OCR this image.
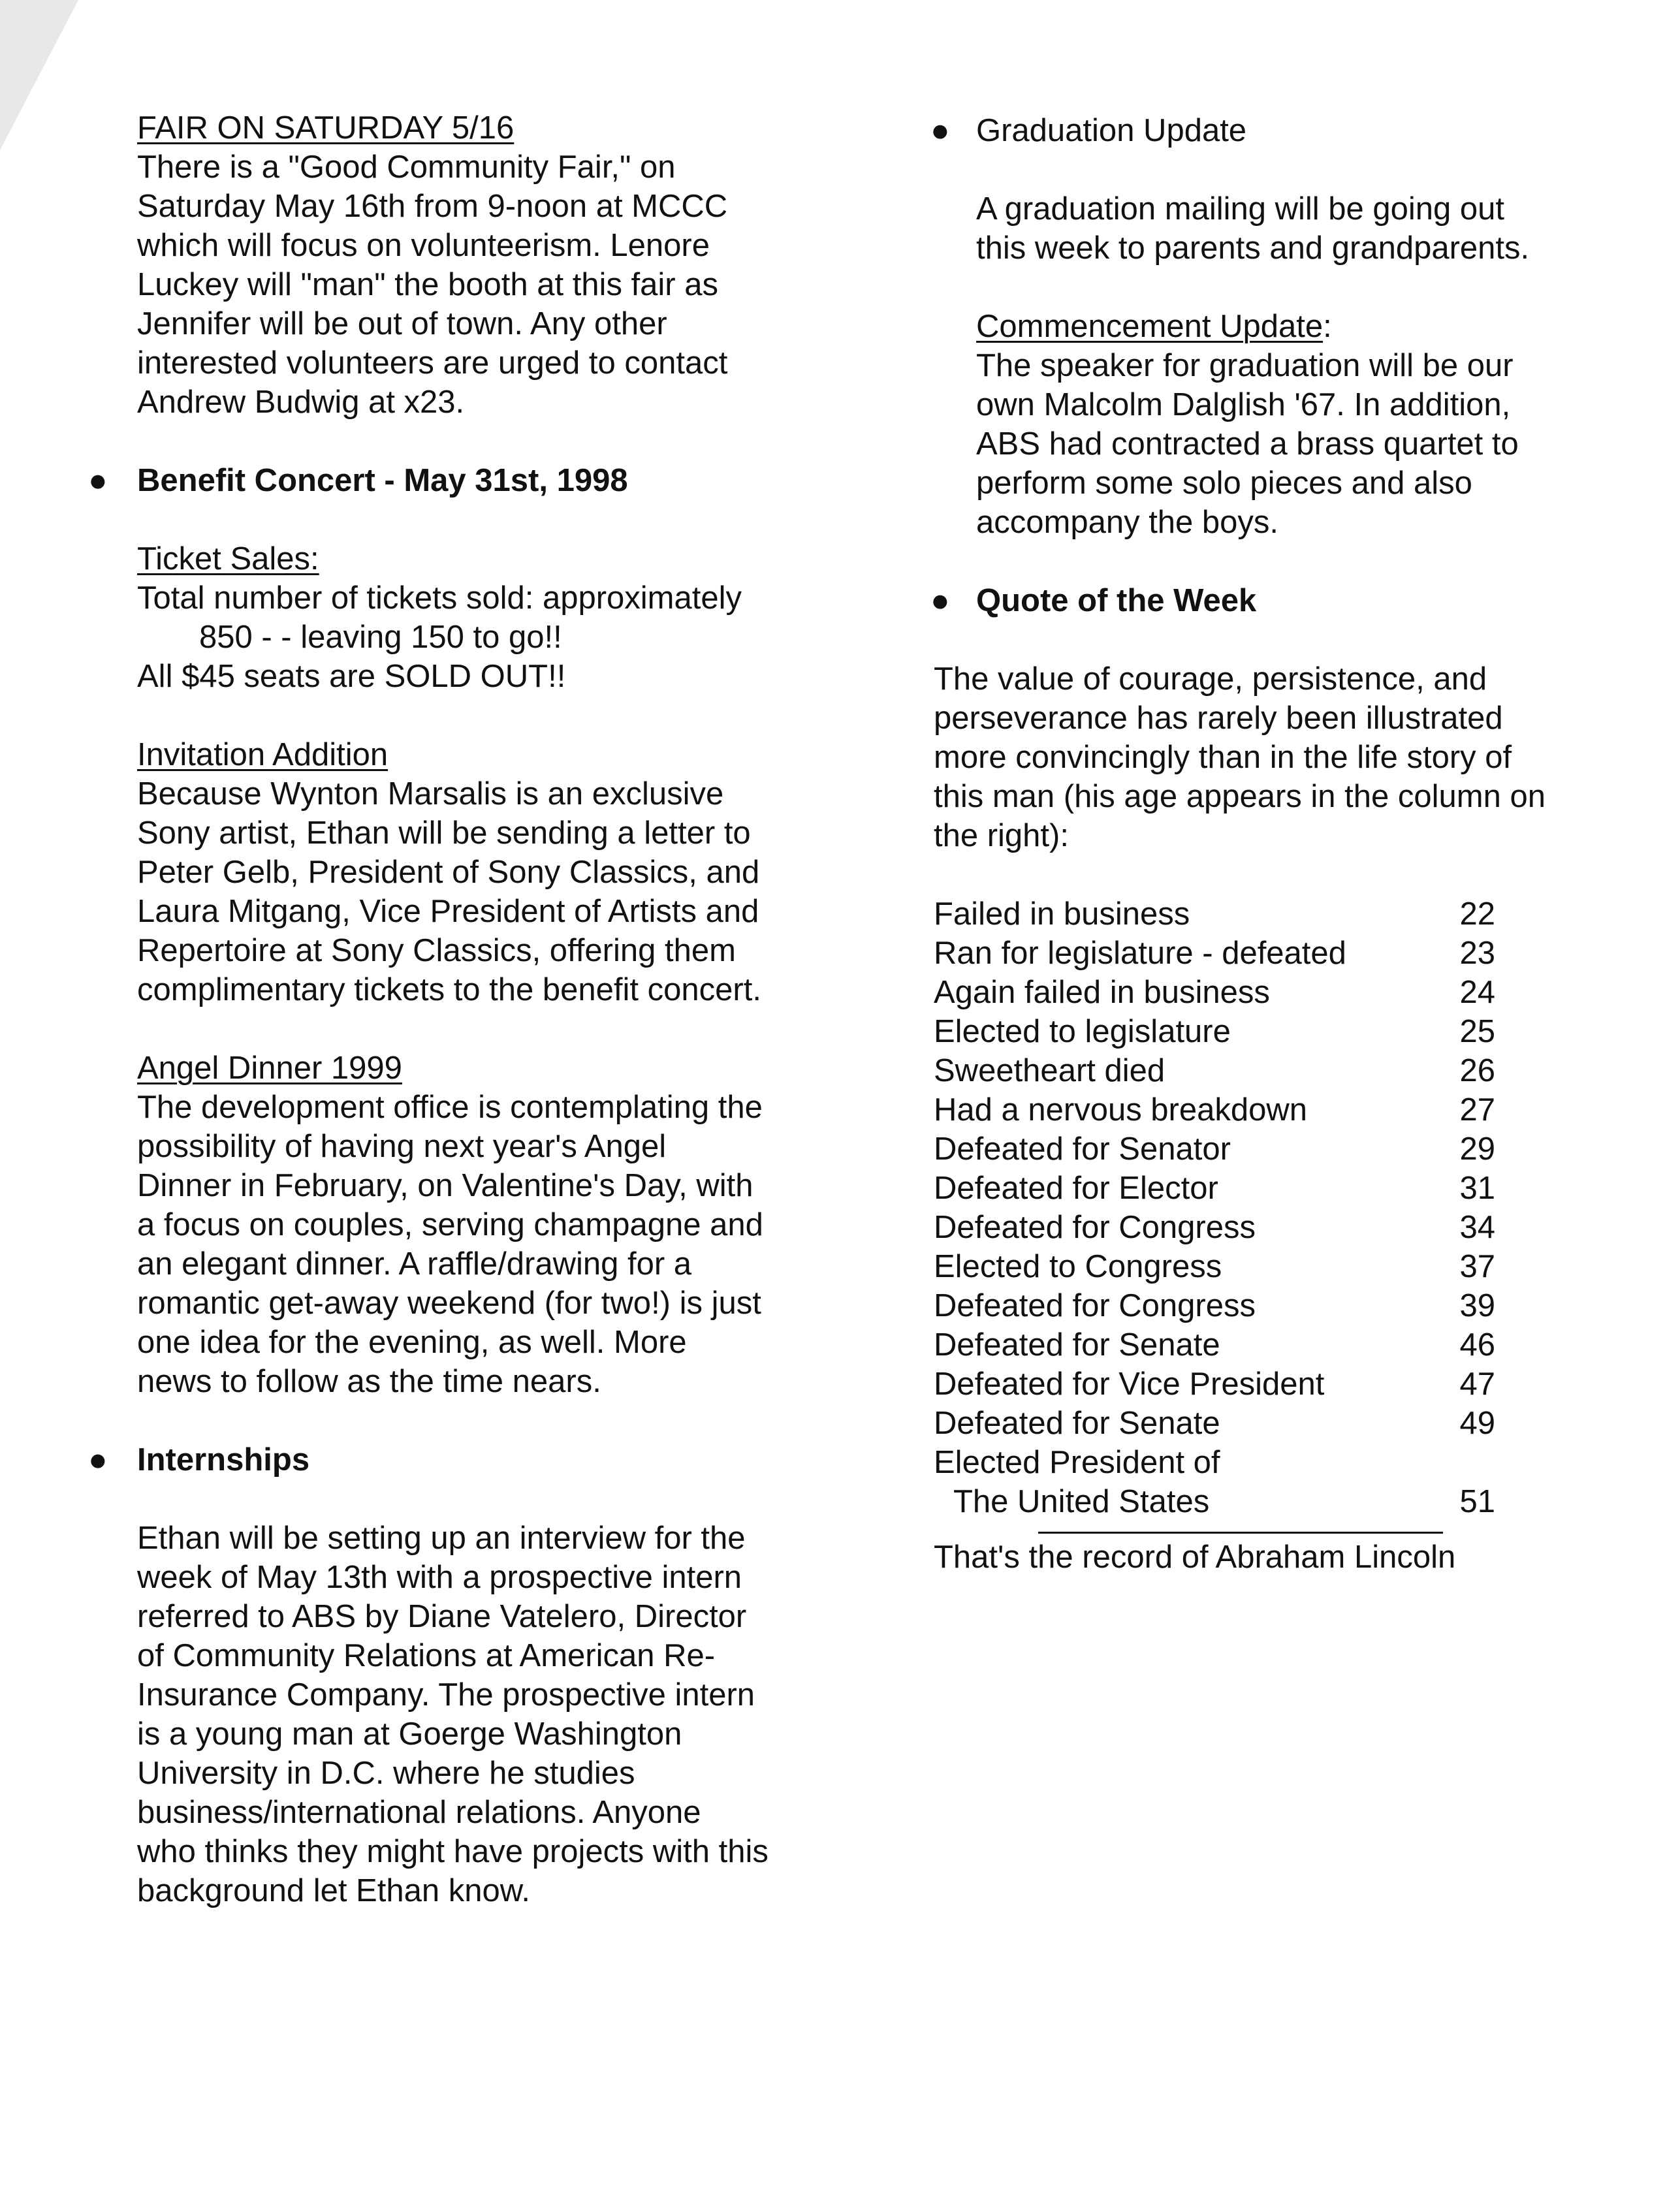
FAIR ON SATURDAY 5/16

There is a "Good Community Fair," on
Saturday May 16th from 9-noon at MCCC
which will focus on volunteerism. Lenore
Luckey will "man" the booth at this fair as
Jennifer will be out of town. Any other
interested volunteers are urged to contact
Andrew Budwig at x23.

● Benefit Concert - May 31st, 1998

Ticket Sales:

Total number of tickets sold: approximately

850 - - leaving 150 to go!!

All $45 seats are SOLD OUT!!

Invitation Addition

Because Wynton Marsalis is an exclusive
Sony artist, Ethan will be sending a letter to
Peter Gelb, President of Sony Classics, and
Laura Mitgang, Vice President of Artists and
Repertoire at Sony Classics, offering them
complimentary tickets to the benefit concert.

Angel Dinner 1999

The development office is contemplating the
possibility of having next year's Angel
Dinner in February, on Valentine's Day, with
a focus on couples, serving champagne and
an elegant dinner. A raffle/drawing for a
romantic get-away weekend (for two!) is just
one idea for the evening, as well. More
news to follow as the time nears.

● Internships

Ethan will be setting up an interview for the
week of May 13th with a prospective intern
referred to ABS by Diane Vatelero, Director
of Community Relations at American Re-
Insurance Company. The prospective intern
is a young man at Goerge Washington
University in D.C. where he studies
business/international relations. Anyone
who thinks they might have projects with this
background let Ethan know.

● Graduation Update

A graduation mailing will be going out
this week to parents and grandparents.

Commencement Update:

The speaker for graduation will be our
own Malcolm Dalglish '67. In addition,
ABS had contracted a brass quartet to
perform some solo pieces and also
accompany the boys.

● Quote of the Week

The value of courage, persistence, and
perseverance has rarely been illustrated
more convincingly than in the life story of
this man (his age appears in the column on
the right):

Failed in business	22
Ran for legislature - defeated	23
Again failed in business	24
Elected to legislature	25
Sweetheart died	26
Had a nervous breakdown	27
Defeated for Senator	29
Defeated for Elector	31
Defeated for Congress	34
Elected to Congress	37
Defeated for Congress	39
Defeated for Senate	46
Defeated for Vice President	47
Defeated for Senate	49
Elected President of	
The United States	51

That's the record of Abraham Lincoln
